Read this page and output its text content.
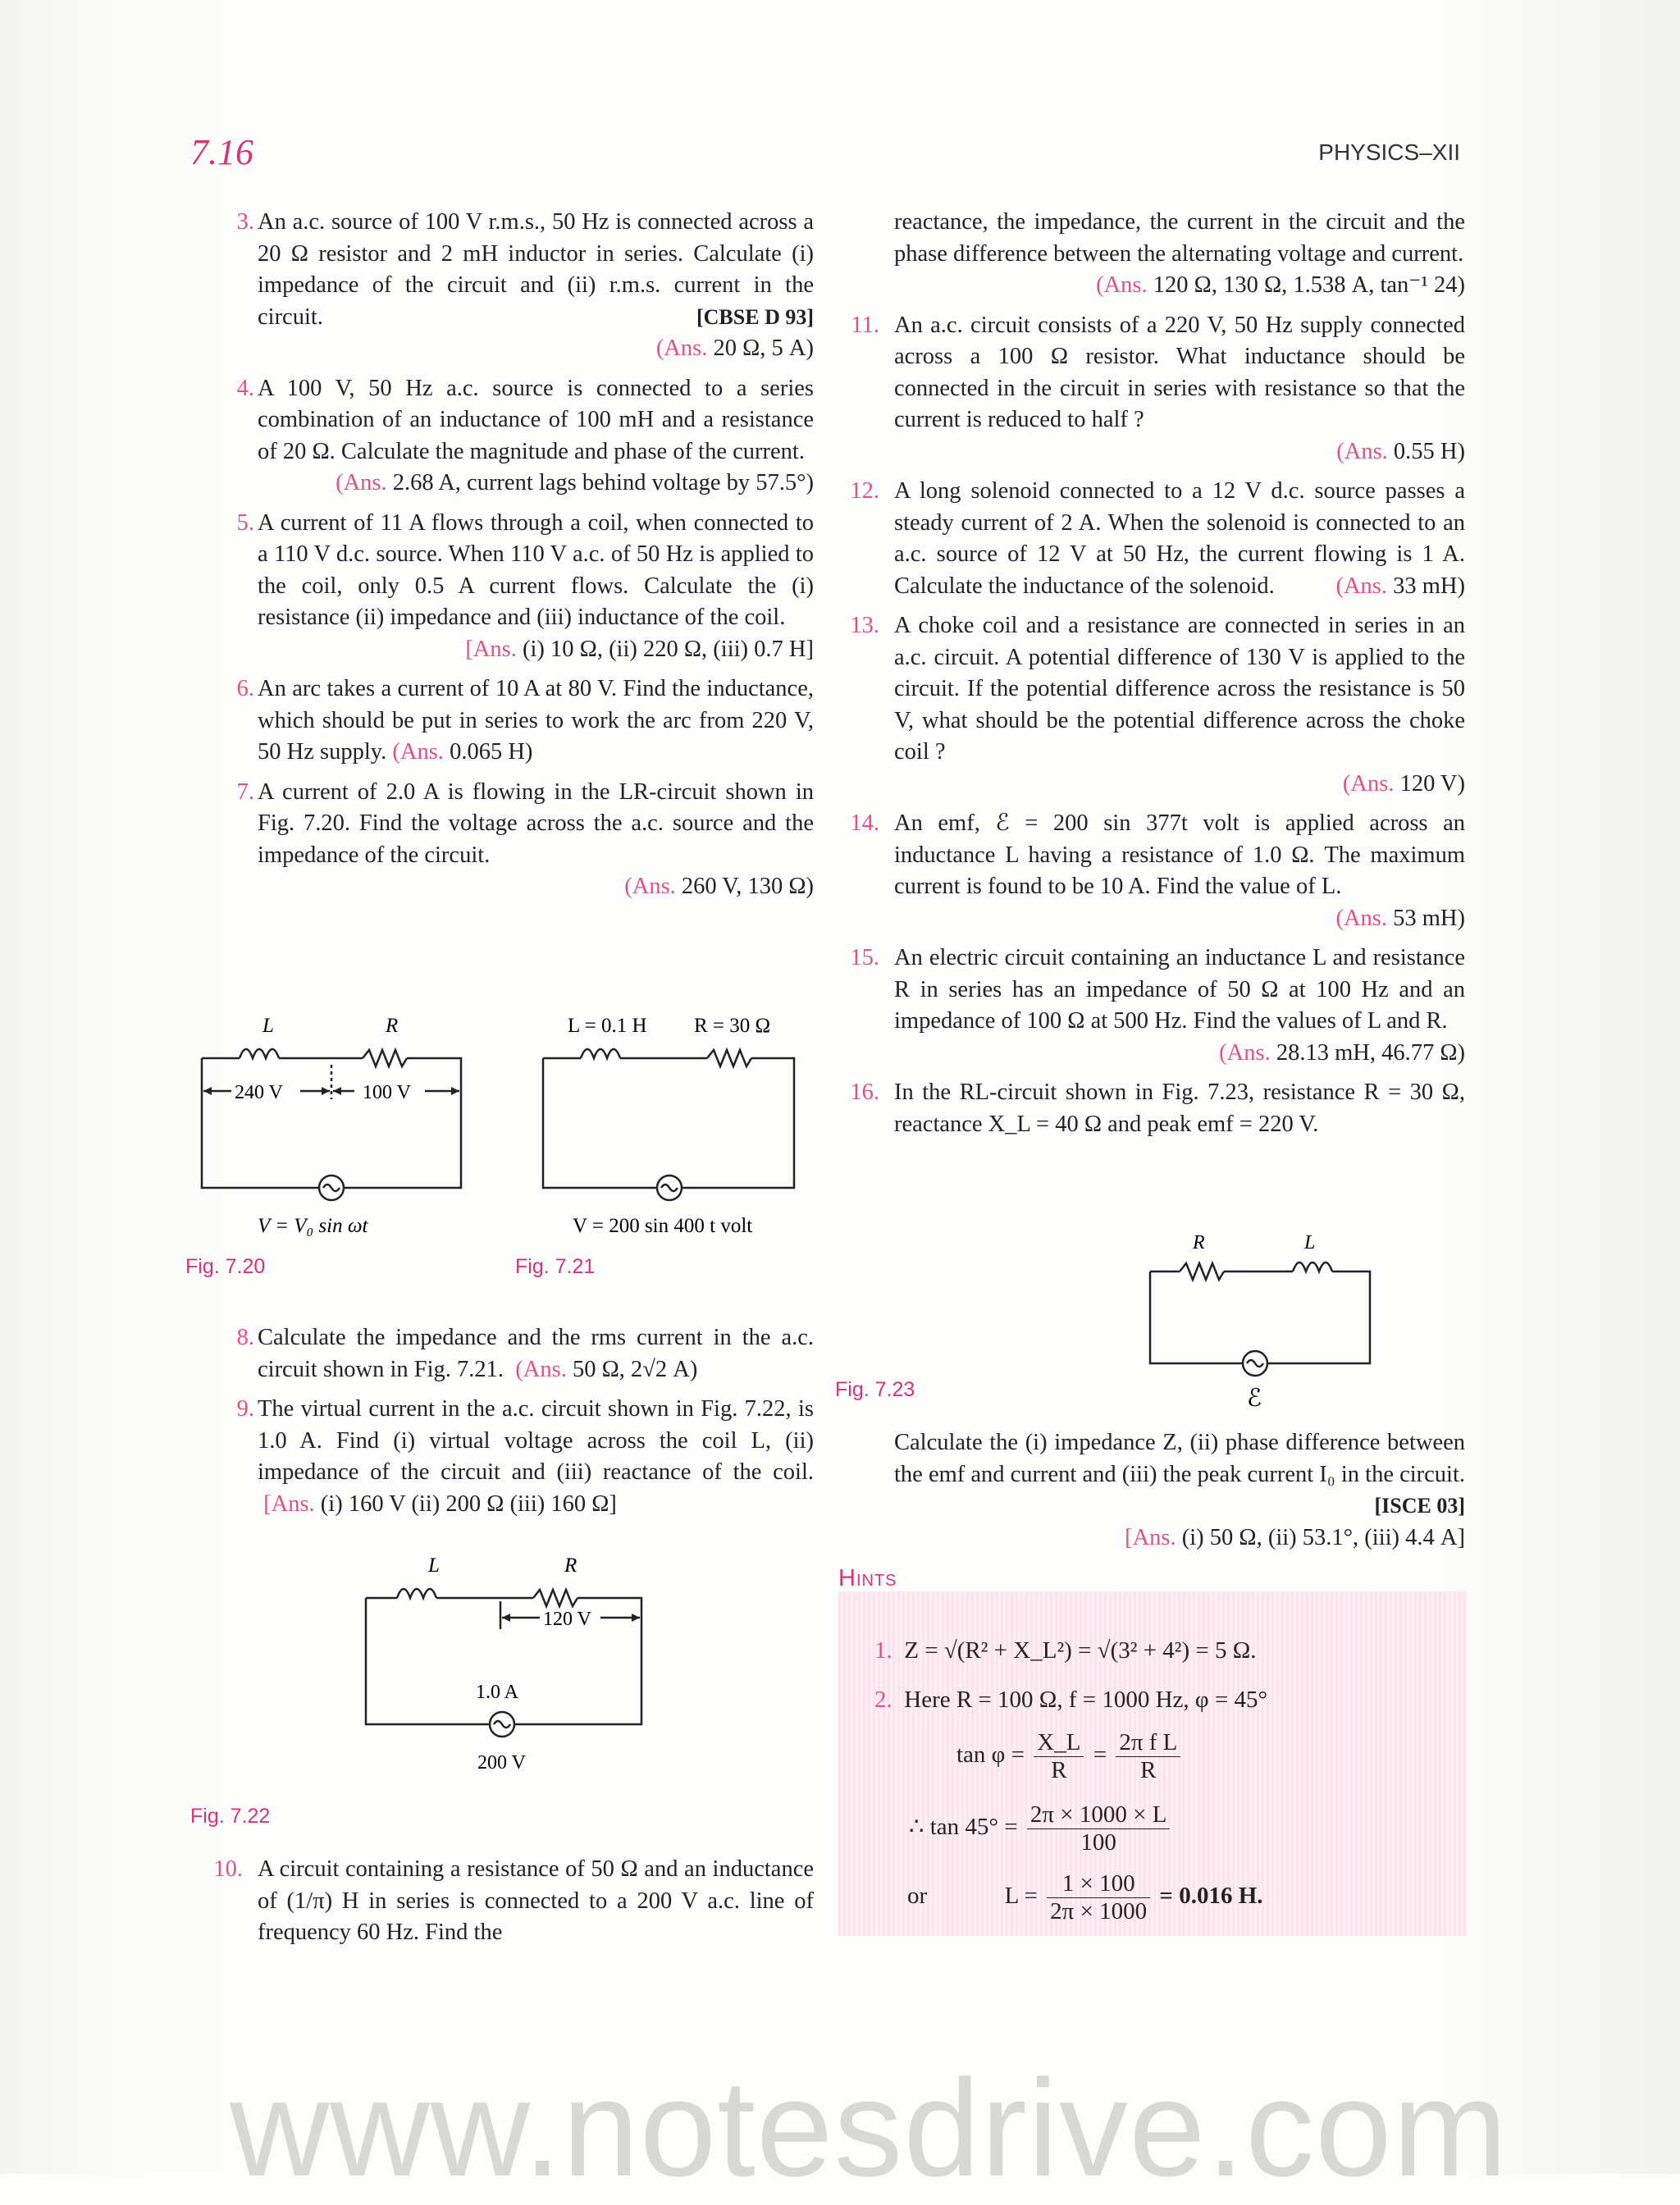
7.16	PHYSICS–XII
3. An a.c. source of 100 V r.m.s., 50 Hz is connected across a 20 Ω resistor and 2 mH inductor in series. Calculate (i) impedance of the circuit and (ii) r.m.s. current in the circuit.	[CBSE D 93]
(Ans. 20 Ω, 5 A)
4. A 100 V, 50 Hz a.c. source is connected to a series combination of an inductance of 100 mH and a resistance of 20 Ω. Calculate the magnitude and phase of the current.
(Ans. 2.68 A, current lags behind voltage by 57.5°)
5. A current of 11 A flows through a coil, when connected to a 110 V d.c. source. When 110 V a.c. of 50 Hz is applied to the coil, only 0.5 A current flows. Calculate the (i) resistance (ii) impedance and (iii) inductance of the coil.
[Ans. (i) 10 Ω, (ii) 220 Ω, (iii) 0.7 H]
6. An arc takes a current of 10 A at 80 V. Find the inductance, which should be put in series to work the arc from 220 V, 50 Hz supply. (Ans. 0.065 H)
7. A current of 2.0 A is flowing in the LR-circuit shown in Fig. 7.20. Find the voltage across the a.c. source and the impedance of the circuit.
(Ans. 260 V, 130 Ω)
L	R
240 V	100 V
V = V₀ sin ωt
L = 0.1 H R = 30 Ω
V = 200 sin 400 t volt
Fig. 7.20	Fig. 7.21
8. Calculate the impedance and the rms current in the a.c. circuit shown in Fig. 7.21. (Ans. 50 Ω, 2√2 A)
9. The virtual current in the a.c. circuit shown in Fig. 7.22, is 1.0 A. Find (i) virtual voltage across the coil L, (ii) impedance of the circuit and (iii) reactance of the coil.  [Ans. (i) 160 V (ii) 200 Ω (iii) 160 Ω]
L	R
120 V
1.0 A
200 V
Fig. 7.22
10. A circuit containing a resistance of 50 Ω and an inductance of (1/π) H in series is connected to a 200 V a.c. line of frequency 60 Hz. Find the
reactance, the impedance, the current in the circuit and the phase difference between the alternating voltage and current.
(Ans. 120 Ω, 130 Ω, 1.538 A, tan⁻¹ 24)
11. An a.c. circuit consists of a 220 V, 50 Hz supply connected across a 100 Ω resistor. What inductance should be connected in the circuit in series with resistance so that the current is reduced to half ?
(Ans. 0.55 H)
12. A long solenoid connected to a 12 V d.c. source passes a steady current of 2 A. When the solenoid is connected to an a.c. source of 12 V at 50 Hz, the current flowing is 1 A. Calculate the inductance of the solenoid.	(Ans. 33 mH)
13. A choke coil and a resistance are connected in series in an a.c. circuit. A potential difference of 130 V is applied to the circuit. If the potential difference across the resistance is 50 V, what should be the potential difference across the choke coil ?
(Ans. 120 V)
14. An emf, ℰ = 200 sin 377t volt is applied across an inductance L having a resistance of 1.0 Ω. The maximum current is found to be 10 A. Find the value of L.
(Ans. 53 mH)
15. An electric circuit containing an inductance L and resistance R in series has an impedance of 50 Ω at 100 Hz and an impedance of 100 Ω at 500 Hz. Find the values of L and R.
(Ans. 28.13 mH, 46.77 Ω)
16. In the RL-circuit shown in Fig. 7.23, resistance R = 30 Ω, reactance X_L = 40 Ω and peak emf = 220 V.
R	L
ℰ
Fig. 7.23
Calculate the (i) impedance Z, (ii) phase difference between the emf and current and (iii) the peak current I₀ in the circuit.
[ISCE 03]
[Ans. (i) 50 Ω, (ii) 53.1°, (iii) 4.4 A]
Hints
1. Z = √(R² + X_L²) = √(3² + 4²) = 5 Ω.
2. Here R = 100 Ω, f = 1000 Hz, φ = 45°
$\tan \varphi = \frac{X\_L}{R} = \frac{\text{2π f L}}{R}$
∴ $\tan 45^\circ = \frac{2\pi \times 1000 \times L}{100}$
or	$L = \frac{1 \times 100}{2\pi \times 1000} = 0.016$ H.
www.notesdrive.com
